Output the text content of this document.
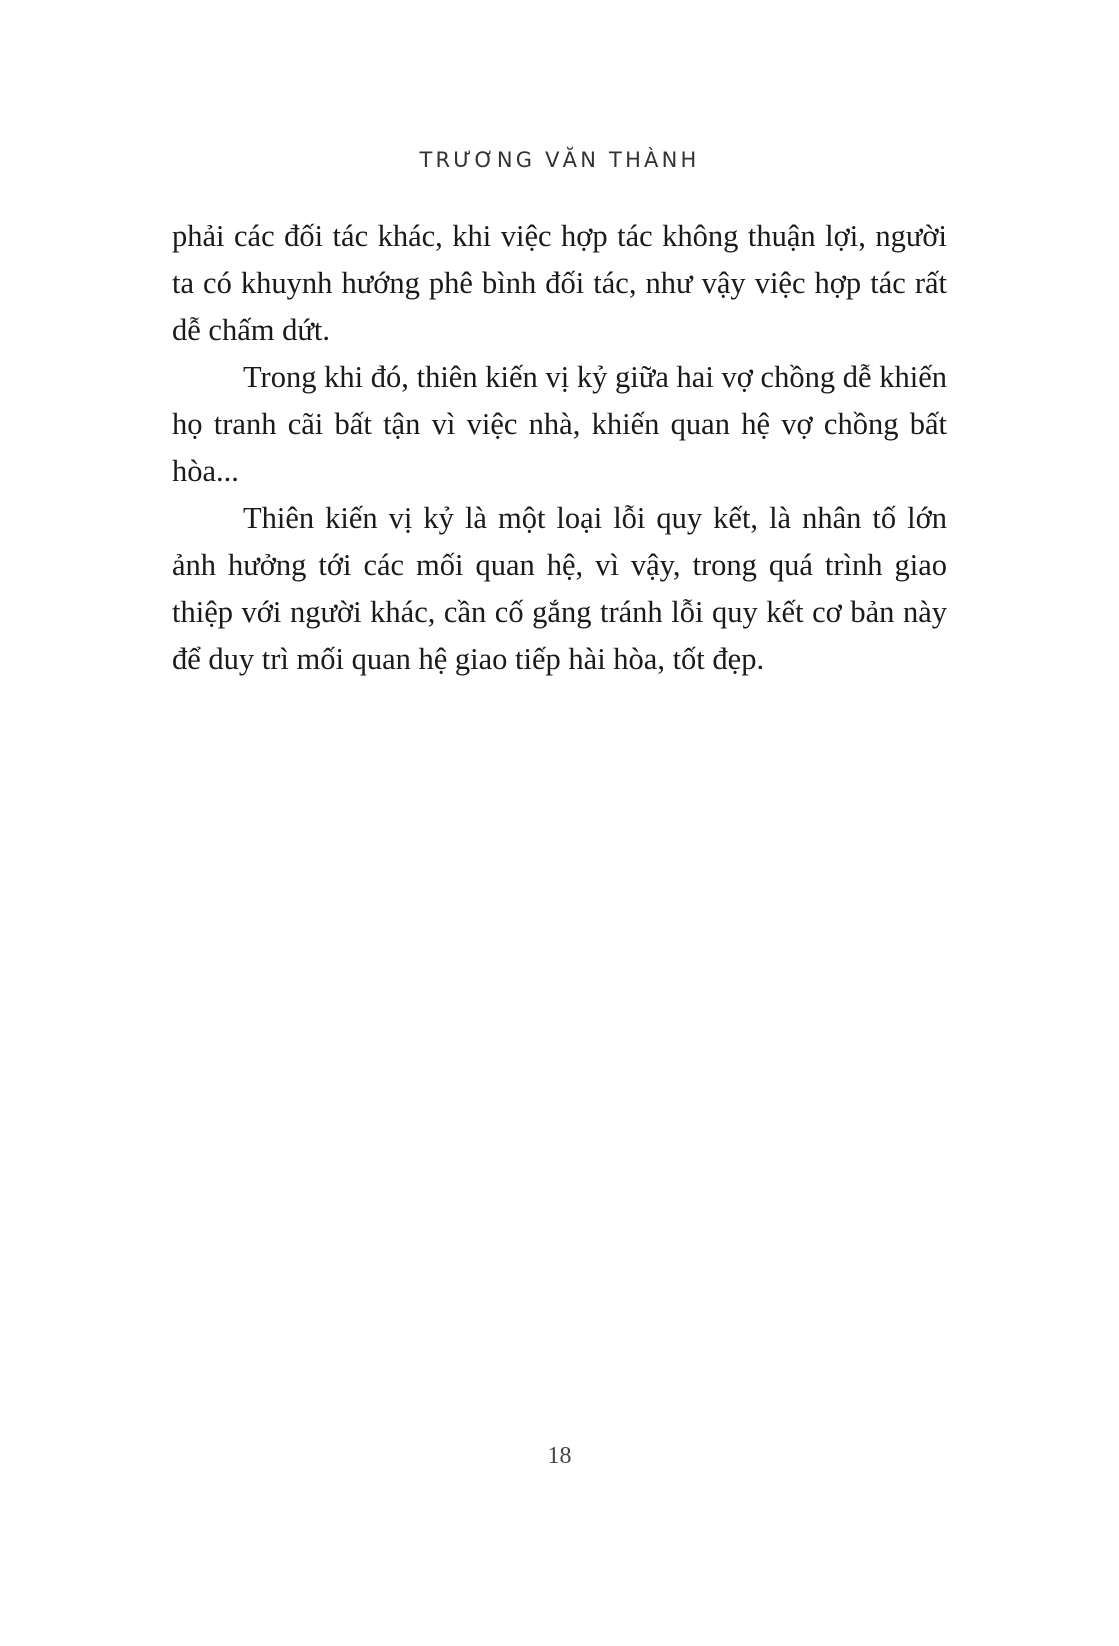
TRƯƠNG VĂN THÀNH

phải các đối tác khác, khi việc hợp tác không thuận lợi, người ta có khuynh hướng phê bình đối tác, như vậy việc hợp tác rất dễ chấm dứt.

Trong khi đó, thiên kiến vị kỷ giữa hai vợ chồng dễ khiến họ tranh cãi bất tận vì việc nhà, khiến quan hệ vợ chồng bất hòa...

Thiên kiến vị kỷ là một loại lỗi quy kết, là nhân tố lớn ảnh hưởng tới các mối quan hệ, vì vậy, trong quá trình giao thiệp với người khác, cần cố gắng tránh lỗi quy kết cơ bản này để duy trì mối quan hệ giao tiếp hài hòa, tốt đẹp.

18
